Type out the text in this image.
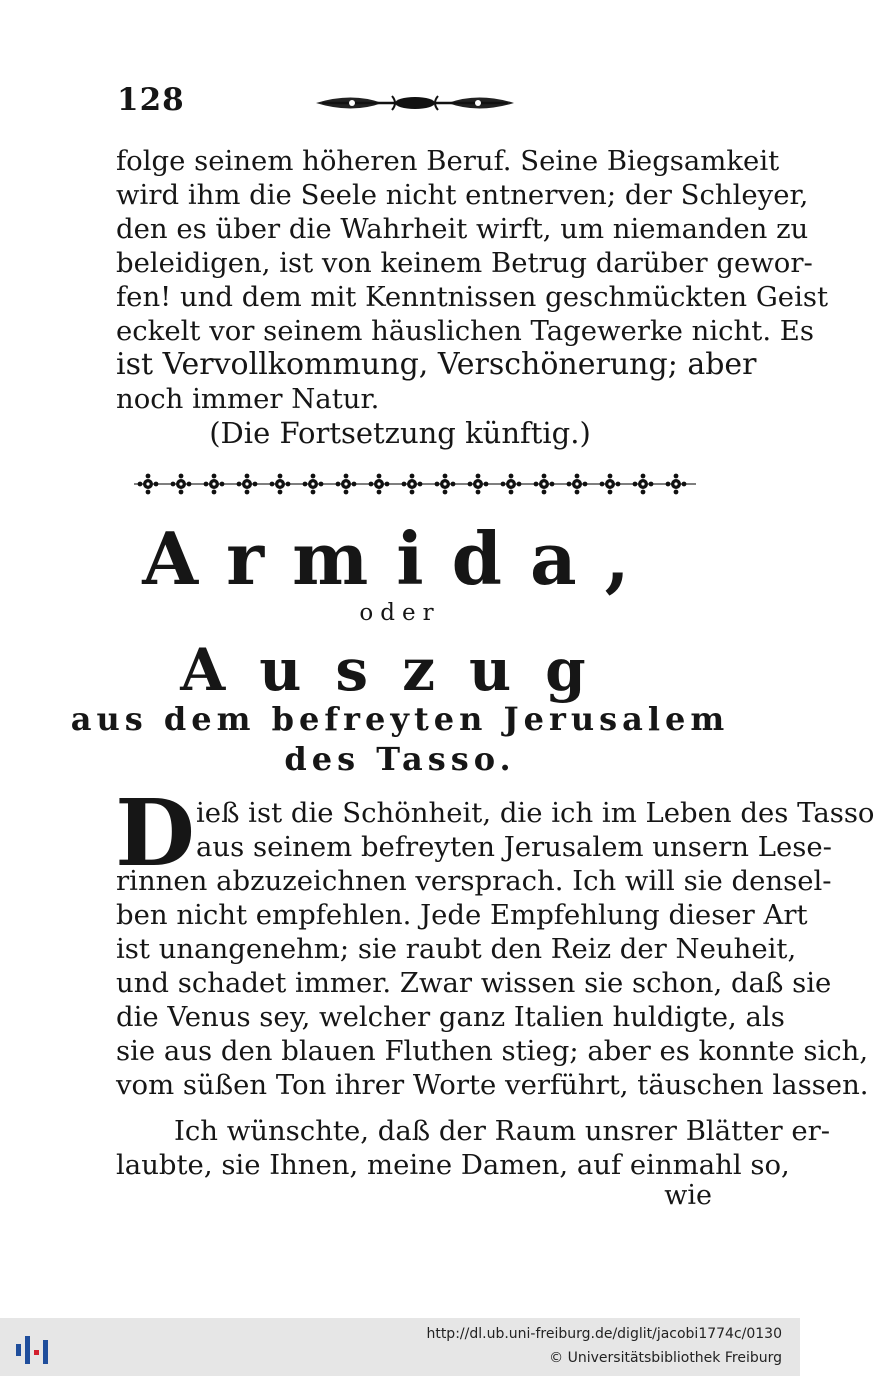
128
folge seinem höheren Beruf. Seine Biegsamkeit
wird ihm die Seele nicht entnerven; der Schleyer,
den es über die Wahrheit wirft, um niemanden zu
beleidigen, ist von keinem Betrug darüber gewor-
fen! und dem mit Kenntnissen geschmückten Geist
eckelt vor seinem häuslichen Tagewerke nicht. Es
ist Vervollkommung, Verschönerung; aber
noch immer Natur.
(Die Fortsetzung künftig.)
Armida,
oder
Auszug
aus dem befreyten Jerusalem
des Tasso.
D ieß ist die Schönheit, die ich im Leben des Tasso
aus seinem befreyten Jerusalem unsern Lese-
rinnen abzuzeichnen versprach. Ich will sie densel-
ben nicht empfehlen. Jede Empfehlung dieser Art
ist unangenehm; sie raubt den Reiz der Neuheit,
und schadet immer. Zwar wissen sie schon, daß sie
die Venus sey, welcher ganz Italien huldigte, als
sie aus den blauen Fluthen stieg; aber es konnte sich,
vom süßen Ton ihrer Worte verführt, täuschen lassen.
Ich wünschte, daß der Raum unsrer Blätter er-
laubte, sie Ihnen, meine Damen, auf einmahl so,
wie
http://dl.ub.uni-freiburg.de/diglit/jacobi1774c/0130
© Universitätsbibliothek Freiburg
